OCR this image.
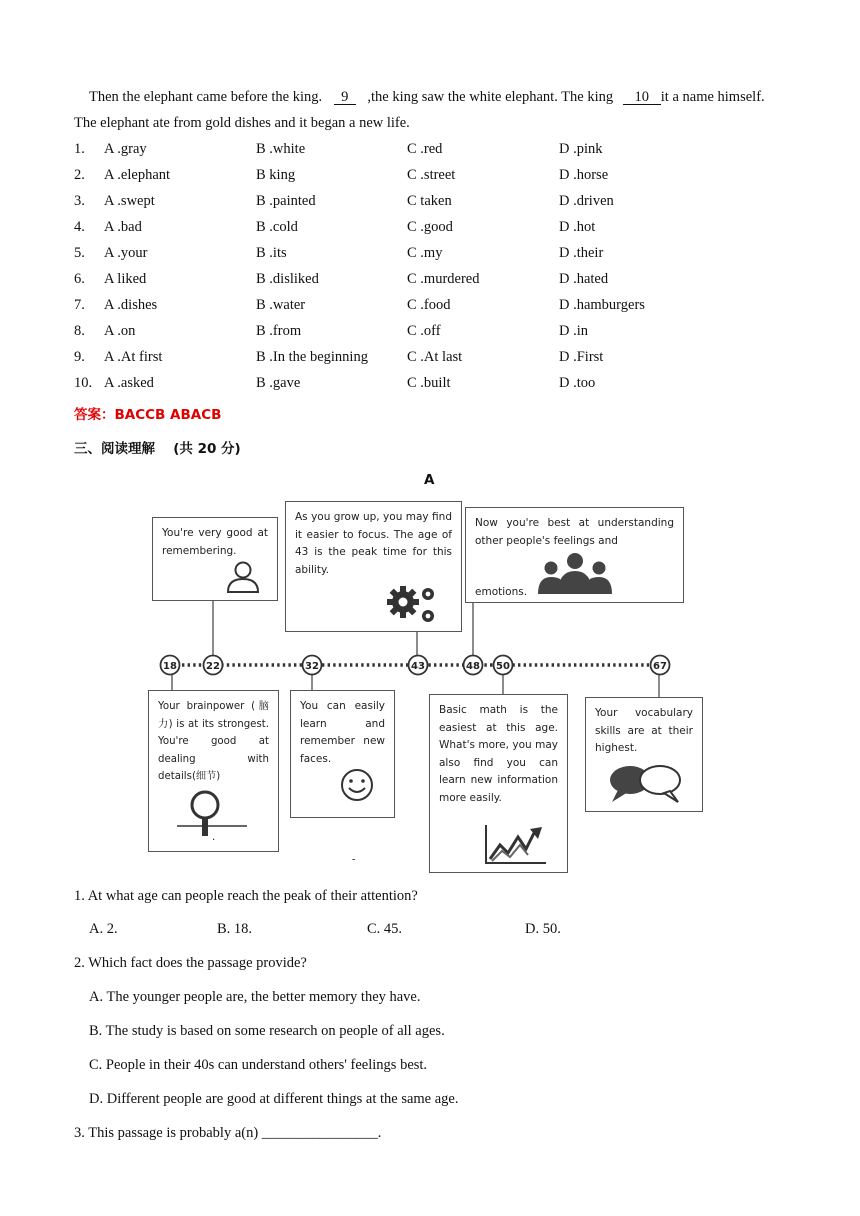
Then the elephant came before the king. 9 ,the king saw the white elephant. The king 10 it a name himself.
The elephant ate from gold dishes and it began a new life.
1. A .gray	B .white	C .red	D .pink
2. A .elephant	B king	C .street	D .horse
3. A .swept	B .painted	C taken	D .driven
4. A .bad	B .cold	C .good	D .hot
5. A .your	B .its	C .my	D .their
6. A liked	B .disliked	C .murdered	D .hated
7. A .dishes	B .water	C .food	D .hamburgers
8. A .on	B .from	C .off	D .in
9. A .At first	B .In the beginning	C .At last	D .First
10. A .asked	B .gave	C .built	D .too
答案：BACCB ABACB
三、阅读理解　 (共 20 分)
A
18	22	32	43	48 50	67
You're very good at remembering.
As you grow up, you may find it easier to focus. The age of 43 is the peak time for this ability.
Now you're best at understanding other people's feelings and
emotions.
Your brainpower (脑力) is at its strongest. You're good at dealing with details(细节)
.
You can easily learn and remember new faces.
Basic math is the easiest at this age. What's more, you may also find you can learn new information more easily.
Your vocabulary skills are at their highest.
-
1. At what age can people reach the peak of their attention?
A. 2.	B. 18.	C. 45.	D. 50.
2. Which fact does the passage provide?
A. The younger people are, the better memory they have.
B. The study is based on some research on people of all ages.
C. People in their 40s can understand others' feelings best.
D. Different people are good at different things at the same age.
3. This passage is probably a(n) ________________.
